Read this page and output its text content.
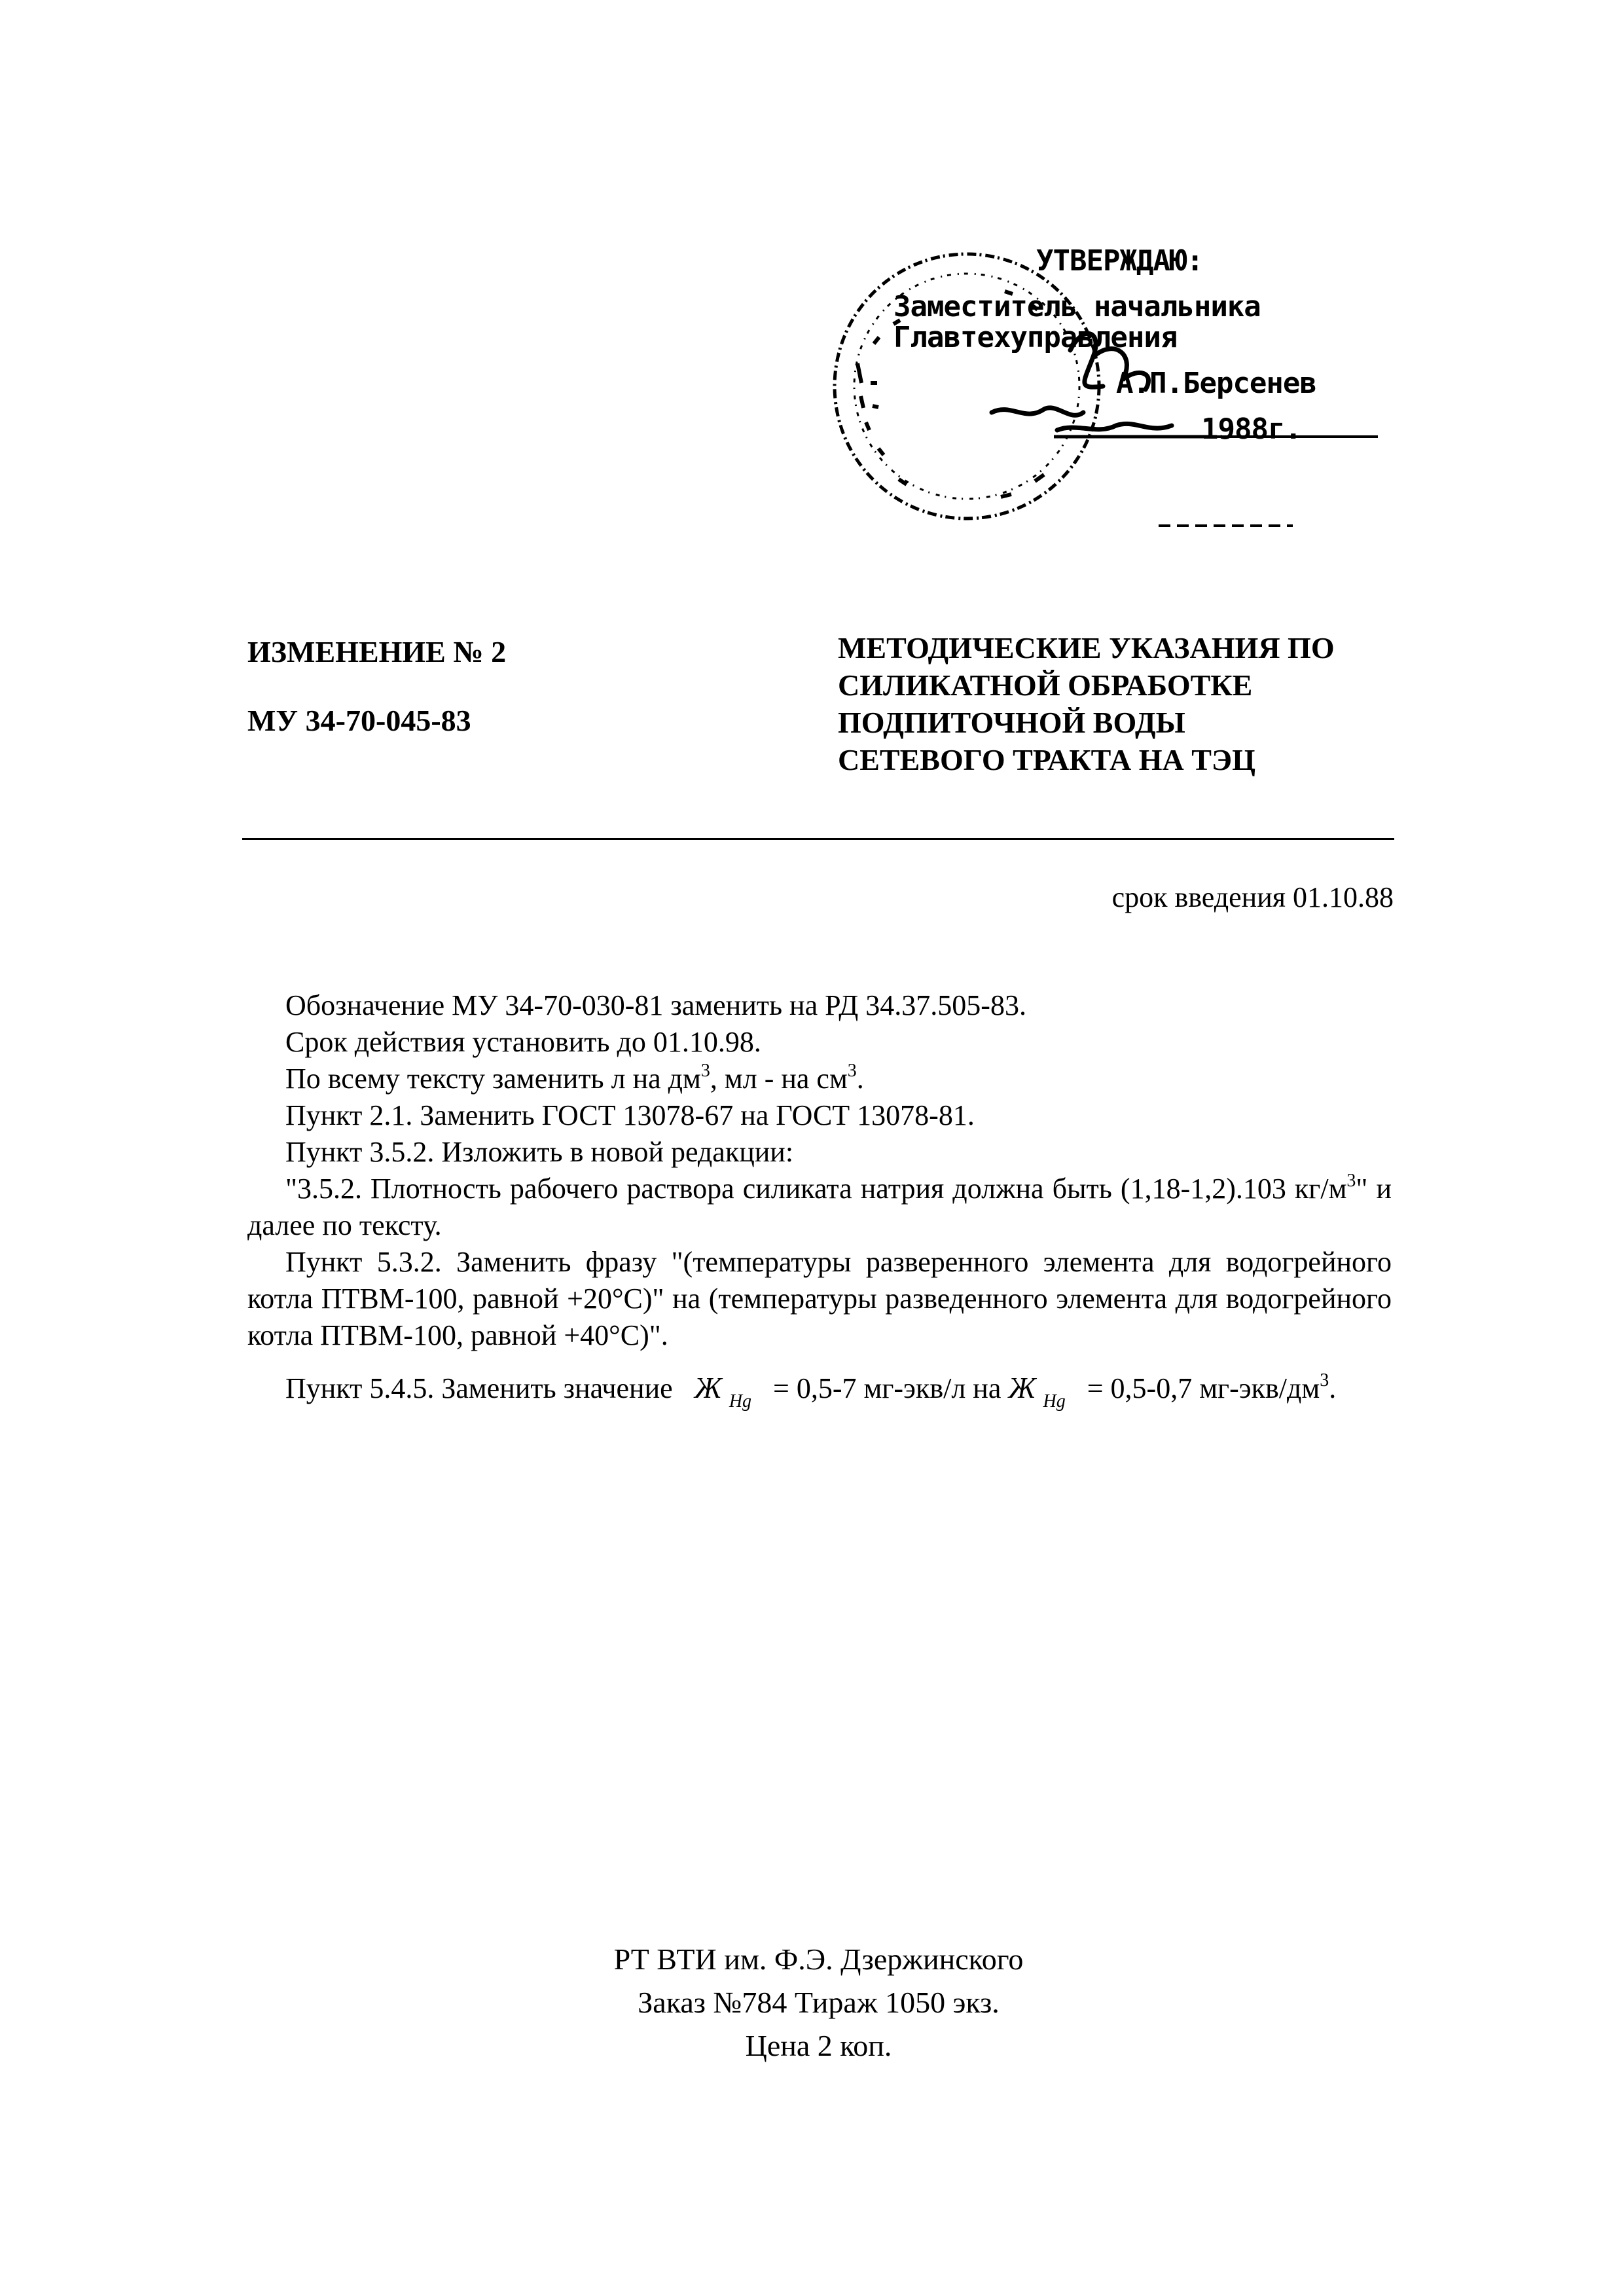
УТВЕРЖДАЮ:
Заместитель начальника
Главтехуправления
А.П.Берсенев
1988г.
ИЗМЕНЕНИЕ № 2
МУ 34-70-045-83
МЕТОДИЧЕСКИЕ УКАЗАНИЯ ПО
СИЛИКАТНОЙ ОБРАБОТКЕ
ПОДПИТОЧНОЙ ВОДЫ
СЕТЕВОГО ТРАКТА НА ТЭЦ
срок введения 01.10.88

Обозначение МУ 34-70-030-81 заменить на РД 34.37.505-83.

Срок действия установить до 01.10.98.

По всему тексту заменить л на $дм^3$, мл - на $см^3$.

Пункт 2.1. Заменить ГОСТ 13078-67 на ГОСТ 13078-81.

Пункт 3.5.2. Изложить в новой редакции:

"3.5.2. Плотность рабочего раствора силиката натрия должна быть (1,18-1,2).103 $кг/м^3$" и далее по тексту.

Пункт 5.3.2. Заменить фразу "(температуры разверенного элемента для водогрейного котла ПТВМ-100, равной +20°С)" на (температуры разведенного элемента для водогрейного котла ПТВМ-100, равной +40°С)".

Пункт 5.4.5. Заменить значение Ж $_{Hg}$ = 0,5-7 мг-экв/л на Ж $_{Hg}$ = 0,5-0,7 $мг-экв/дм^3$.

РТ ВТИ им. Ф.Э. Дзержинского
Заказ №784 Тираж 1050 экз.
Цена 2 коп.
